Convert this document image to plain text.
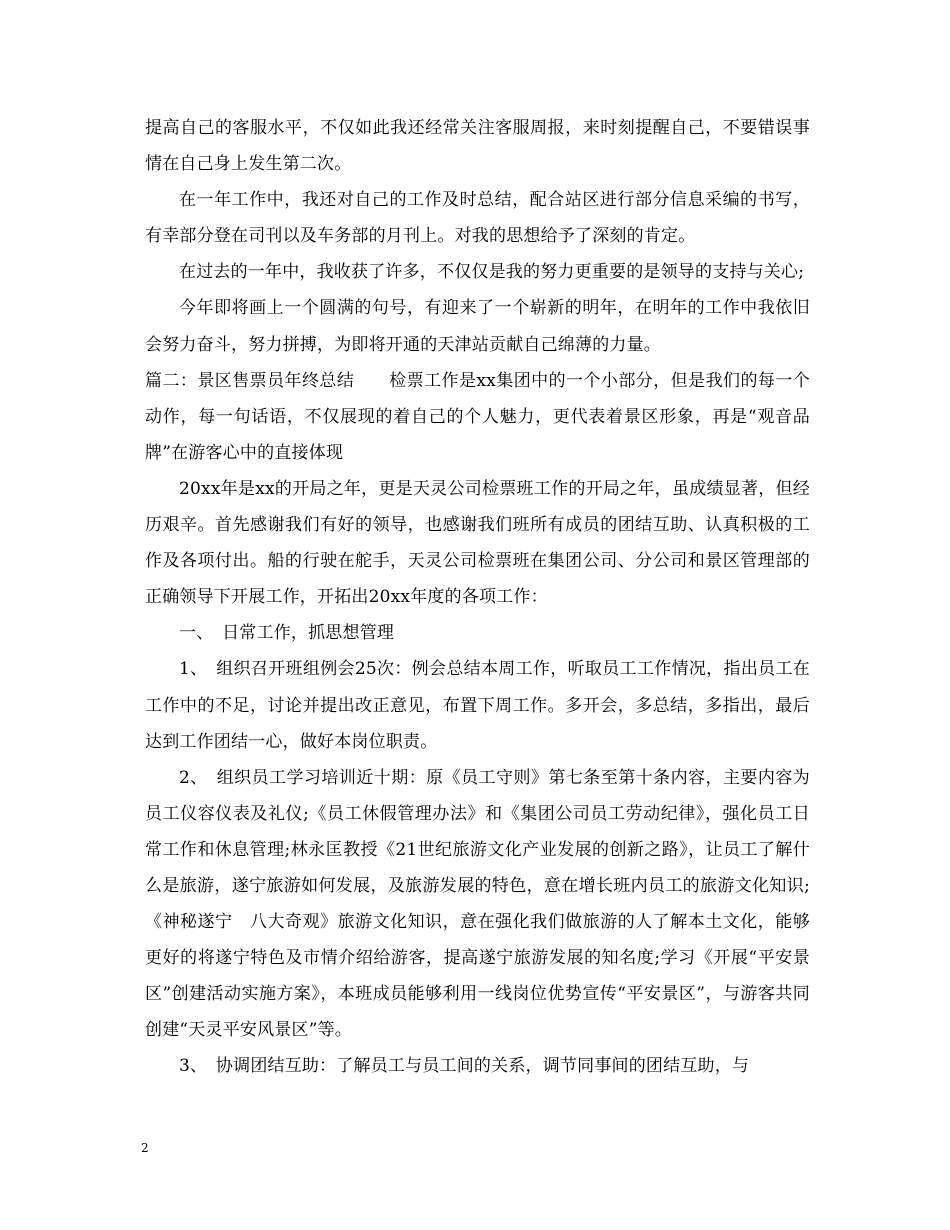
提高自己的客服水平，不仅如此我还经常关注客服周报，来时刻提醒自己，不要错误事情在自己身上发生第二次。

在一年工作中，我还对自己的工作及时总结，配合站区进行部分信息采编的书写，有幸部分登在司刊以及车务部的月刊上。对我的思想给予了深刻的肯定。

在过去的一年中，我收获了许多，不仅仅是我的努力更重要的是领导的支持与关心;

今年即将画上一个圆满的句号，有迎来了一个崭新的明年，在明年的工作中我依旧会努力奋斗，努力拼搏，为即将开通的天津站贡献自己绵薄的力量。

篇二：景区售票员年终总结　　检票工作是xx集团中的一个小部分，但是我们的每一个动作，每一句话语，不仅展现的着自己的个人魅力，更代表着景区形象，再是“观音品牌”在游客心中的直接体现

20xx年是xx的开局之年，更是天灵公司检票班工作的开局之年，虽成绩显著，但经历艰辛。首先感谢我们有好的领导，也感谢我们班所有成员的团结互助、认真积极的工作及各项付出。船的行驶在舵手，天灵公司检票班在集团公司、分公司和景区管理部的正确领导下开展工作，开拓出20xx年度的各项工作：

一、　日常工作，抓思想管理

1、　组织召开班组例会25次：例会总结本周工作，听取员工工作情况，指出员工在工作中的不足，讨论并提出改正意见，布置下周工作。多开会，多总结，多指出，最后达到工作团结一心，做好本岗位职责。

2、　组织员工学习培训近十期：原《员工守则》第七条至第十条内容，主要内容为员工仪容仪表及礼仪;《员工休假管理办法》和《集团公司员工劳动纪律》，强化员工日常工作和休息管理;林永匡教授《21世纪旅游文化产业发展的创新之路》，让员工了解什么是旅游，遂宁旅游如何发展，及旅游发展的特色，意在增长班内员工的旅游文化知识;《神秘遂宁　八大奇观》旅游文化知识，意在强化我们做旅游的人了解本土文化，能够更好的将遂宁特色及市情介绍给游客，提高遂宁旅游发展的知名度;学习《开展“平安景区”创建活动实施方案》，本班成员能够利用一线岗位优势宣传“平安景区”，与游客共同创建“天灵平安风景区”等。

3、　协调团结互助：了解员工与员工间的关系，调节同事间的团结互助，与

2
